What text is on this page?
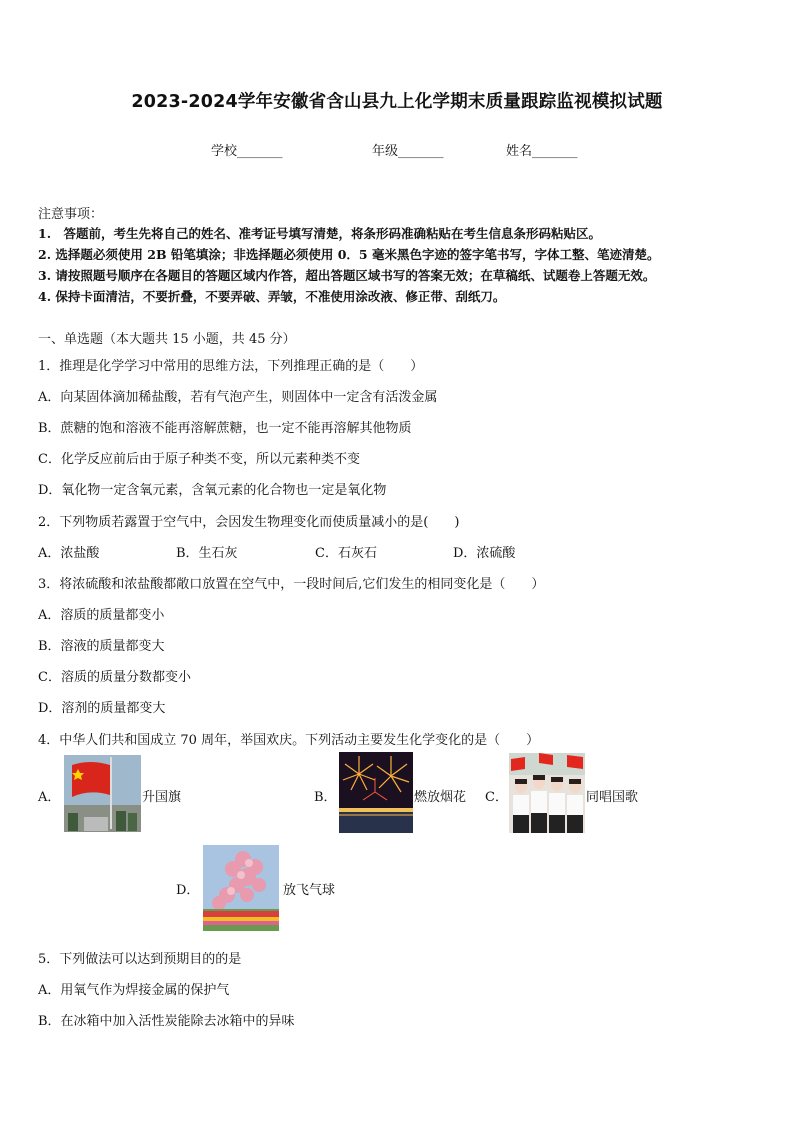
2023-2024学年安徽省含山县九上化学期末质量跟踪监视模拟试题
学校_______	年级_______	姓名_______
注意事项：
1.　答题前，考生先将自己的姓名、准考证号填写清楚，将条形码准确粘贴在考生信息条形码粘贴区。
2. 选择题必须使用 2B 铅笔填涂；非选择题必须使用 0．5 毫米黑色字迹的签字笔书写，字体工整、笔迹清楚。
3. 请按照题号顺序在各题目的答题区域内作答，超出答题区域书写的答案无效；在草稿纸、试题卷上答题无效。
4. 保持卡面清洁，不要折叠，不要弄破、弄皱，不准使用涂改液、修正带、刮纸刀。
一、单选题（本大题共 15 小题，共 45 分）
1．推理是化学学习中常用的思维方法，下列推理正确的是（　　）
A．向某固体滴加稀盐酸，若有气泡产生，则固体中一定含有活泼金属
B．蔗糖的饱和溶液不能再溶解蔗糖，也一定不能再溶解其他物质
C．化学反应前后由于原子种类不变，所以元素种类不变
D．氧化物一定含氧元素，含氧元素的化合物也一定是氧化物
2．下列物质若露置于空气中，会因发生物理变化而使质量减小的是(　　)
A．浓盐酸	B．生石灰	C．石灰石	D．浓硫酸
3．将浓硫酸和浓盐酸都敞口放置在空气中，一段时间后,它们发生的相同变化是（　　）
A．溶质的质量都变小
B．溶液的质量都变大
C．溶质的质量分数都变小
D．溶剂的质量都变大
4．中华人们共和国成立 70 周年，举国欢庆。下列活动主要发生化学变化的是（　　）
A．	升国旗	B．	燃放烟花 C．	同唱国歌
D．	放飞气球
5．下列做法可以达到预期目的的是
A．用氧气作为焊接金属的保护气
B．在冰箱中加入活性炭能除去冰箱中的异味
